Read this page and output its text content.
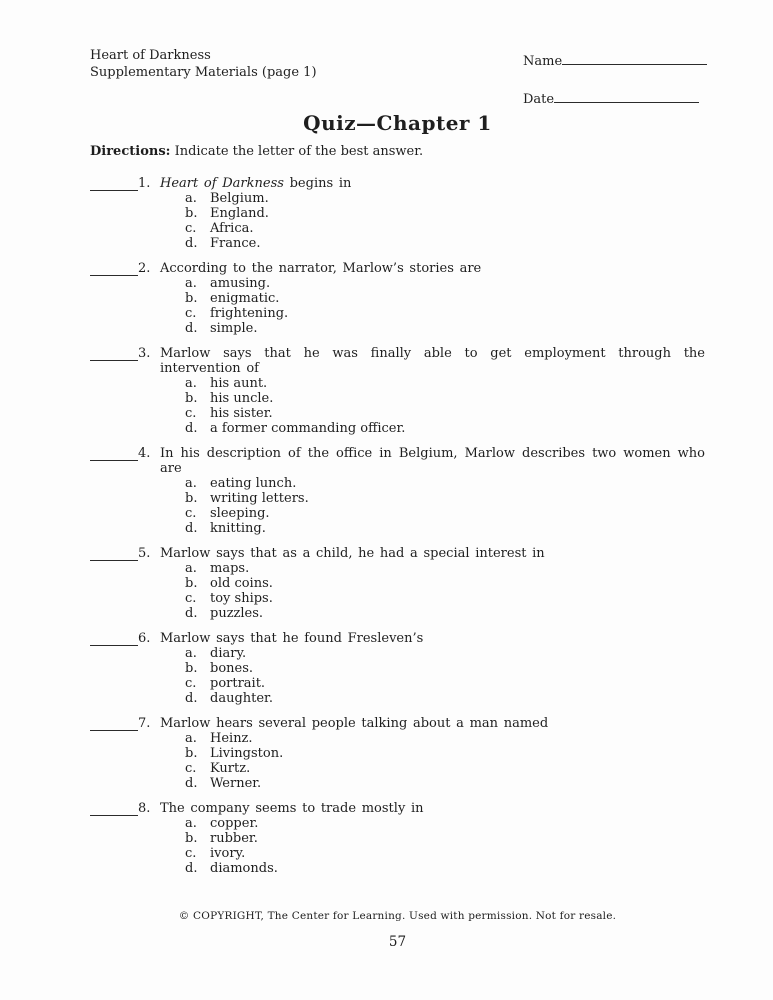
Heart of Darkness
Supplementary Materials (page 1)
Name
Date
Quiz—Chapter 1

Directions: Indicate the letter of the best answer.

1. Heart of Darkness begins in

a.	Belgium.
b. England.
c.	Africa.
d. France.
2. According to the narrator, Marlow’s stories are

a.	amusing.
b. enigmatic.
c.	frightening.
d. simple.
3. Marlow says that he was finally able to get employment through the intervention of

a.	his aunt.
b. his uncle.
c.	his sister.
d. a former commanding officer.
4. In his description of the office in Belgium, Marlow describes two women who are

a.	eating lunch.
b. writing letters.
c.	sleeping.
d. knitting.
5. Marlow says that as a child, he had a special interest in

a.	maps.
b. old coins.
c.	toy ships.
d. puzzles.
6. Marlow says that he found Fresleven’s

a.	diary.
b. bones.
c.	portrait.
d. daughter.
7. Marlow hears several people talking about a man named

a.	Heinz.
b. Livingston.
c.	Kurtz.
d. Werner.
8. The company seems to trade mostly in

a.	copper.
b. rubber.
c.	ivory.
d. diamonds.
© COPYRIGHT, The Center for Learning. Used with permission. Not for resale.
57
